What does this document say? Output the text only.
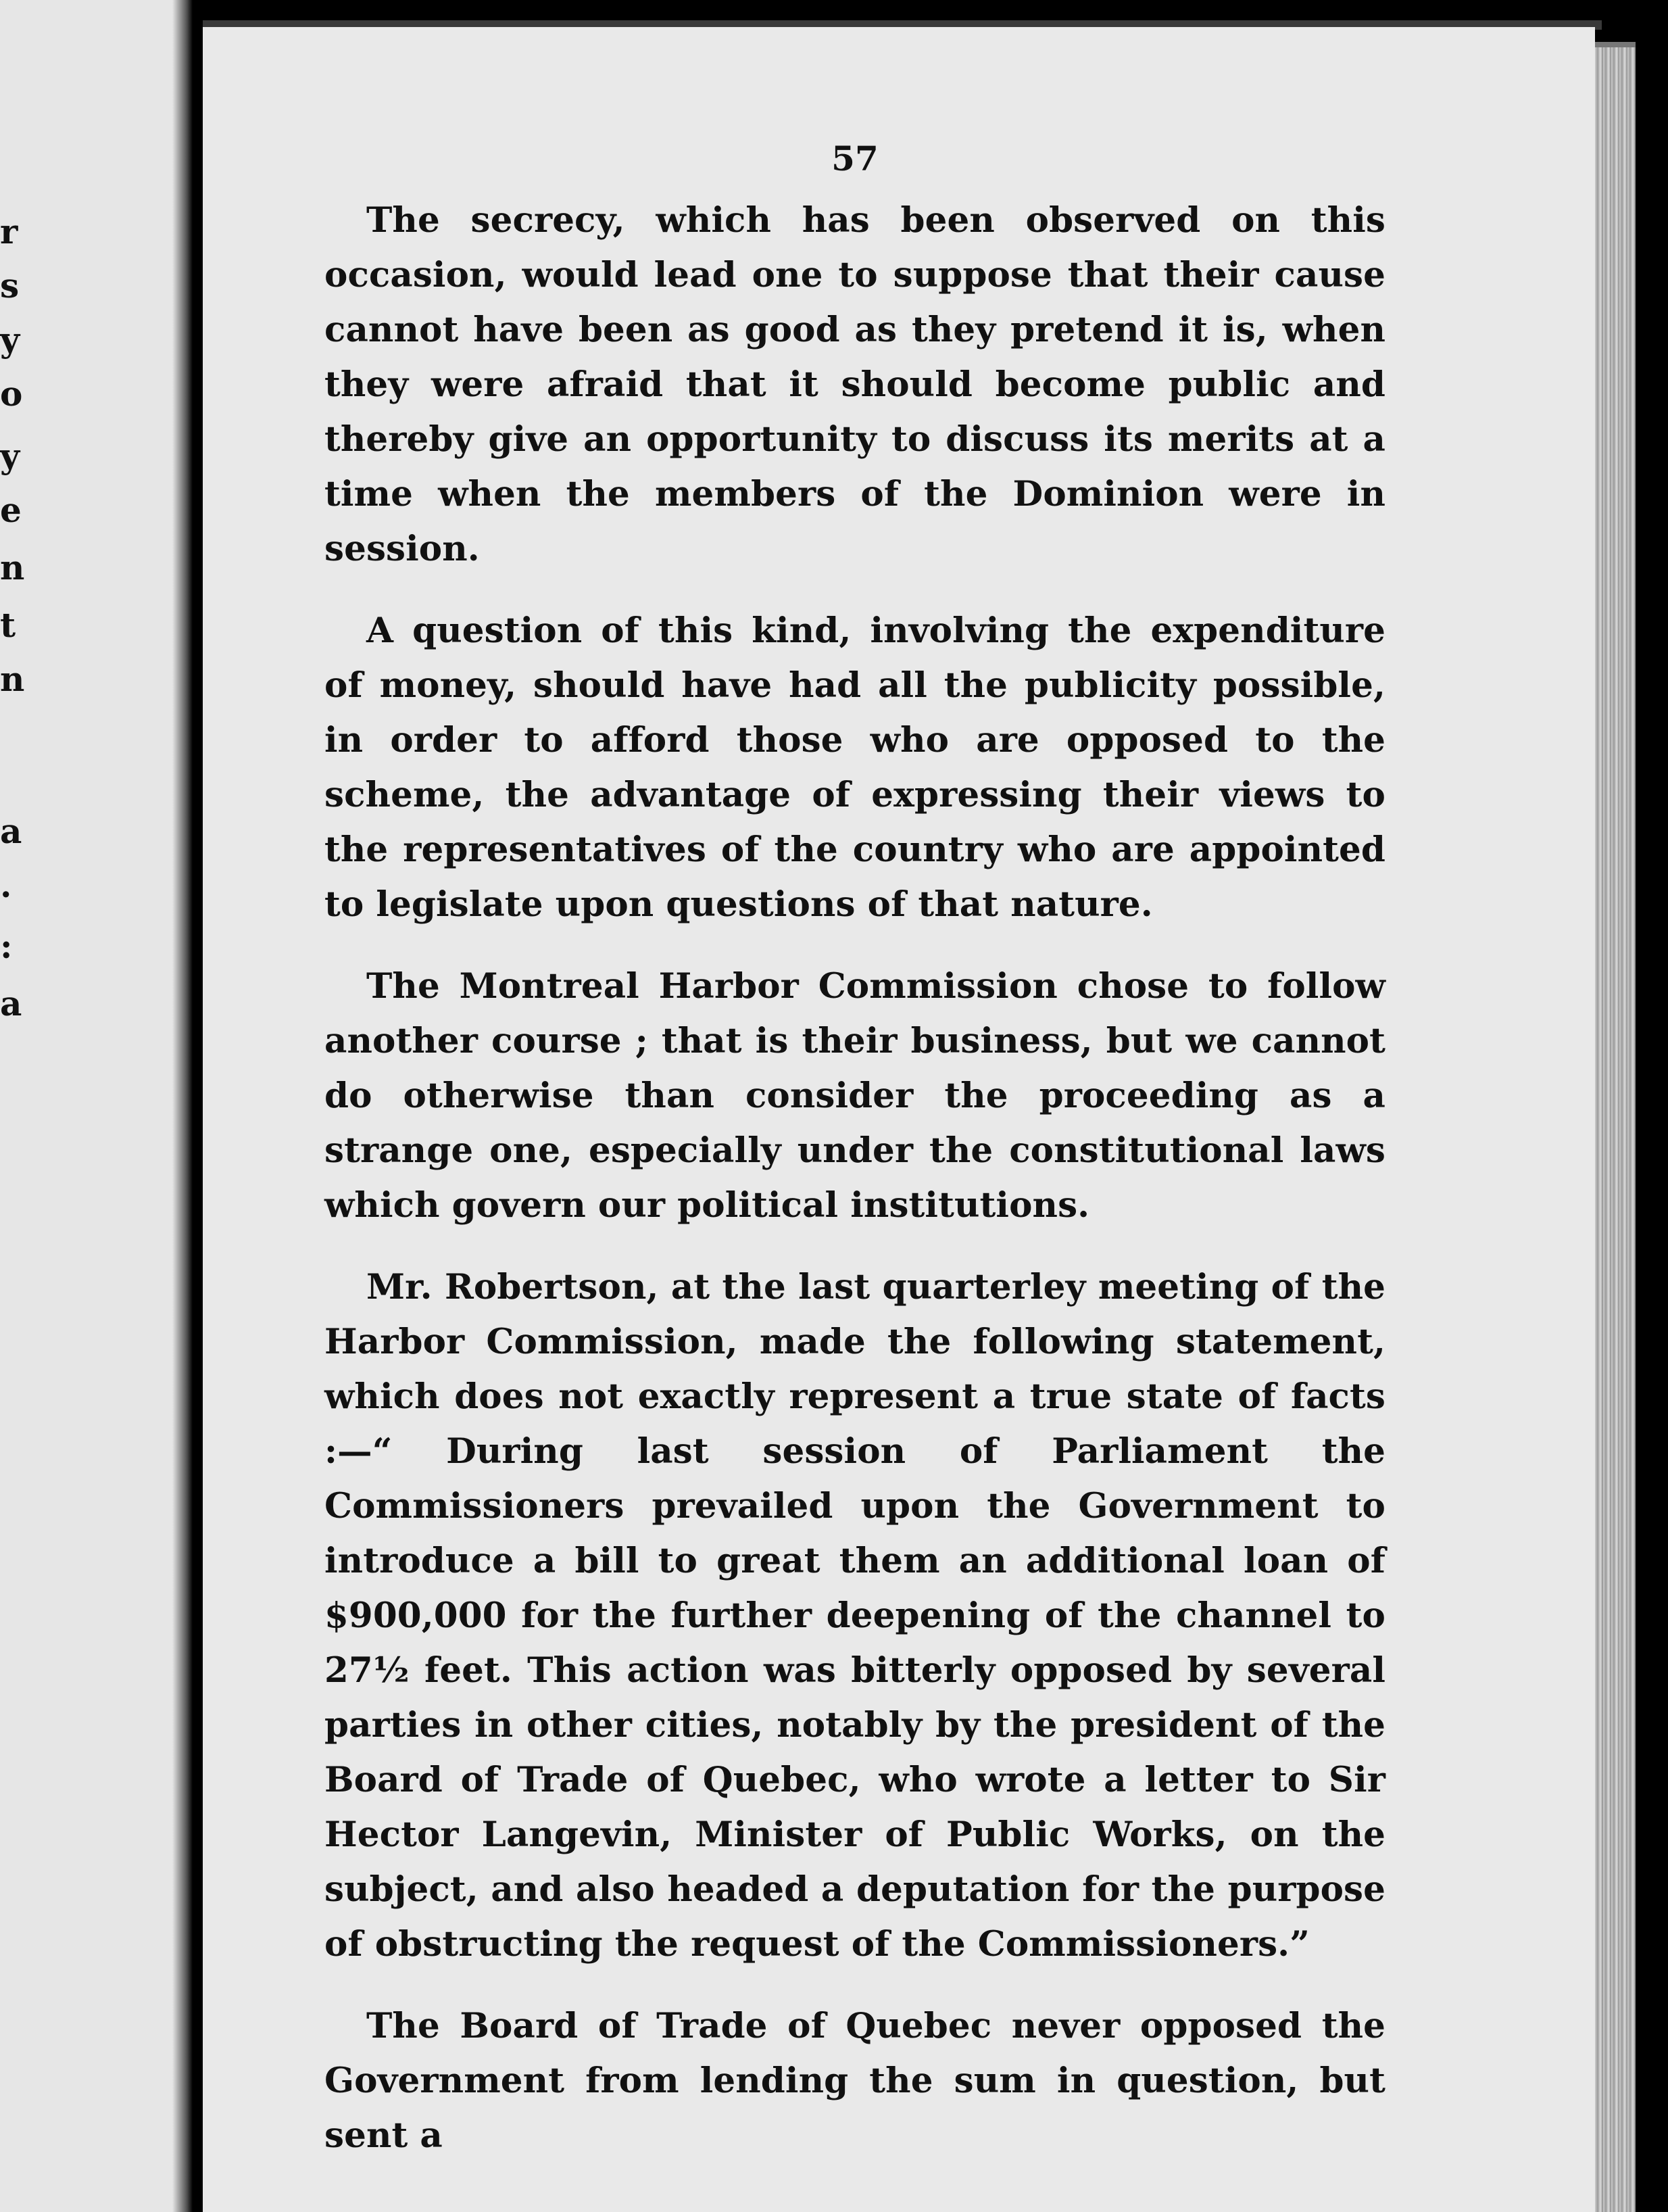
r
s
y
o
y
e
n
t
n
a
.
:
a
57

The secrecy, which has been observed on this occasion, would lead one to suppose that their cause cannot have been as good as they pretend it is, when they were afraid that it should become public and thereby give an opportunity to discuss its merits at a time when the members of the Dominion were in session.

A question of this kind, involving the expenditure of money, should have had all the publicity possible, in order to afford those who are opposed to the scheme, the advantage of expressing their views to the representatives of the country who are appointed to legislate upon questions of that nature.

The Montreal Harbor Commission chose to follow another course ; that is their business, but we cannot do otherwise than consider the proceeding as a strange one, especially under the constitutional laws which govern our political institutions.

Mr. Robertson, at the last quarterley meeting of the Harbor Commission, made the following statement, which does not exactly represent a true state of facts :—“ During last session of Parliament the Commissioners prevailed upon the Government to introduce a bill to great them an additional loan of $900,000 for the further deepening of the channel to 27½ feet. This action was bitterly opposed by several parties in other cities, notably by the president of the Board of Trade of Quebec, who wrote a letter to Sir Hector Langevin, Minister of Public Works, on the subject, and also headed a deputation for the purpose of obstructing the request of the Commissioners.”

The Board of Trade of Quebec never opposed the Government from lending the sum in question, but sent a
